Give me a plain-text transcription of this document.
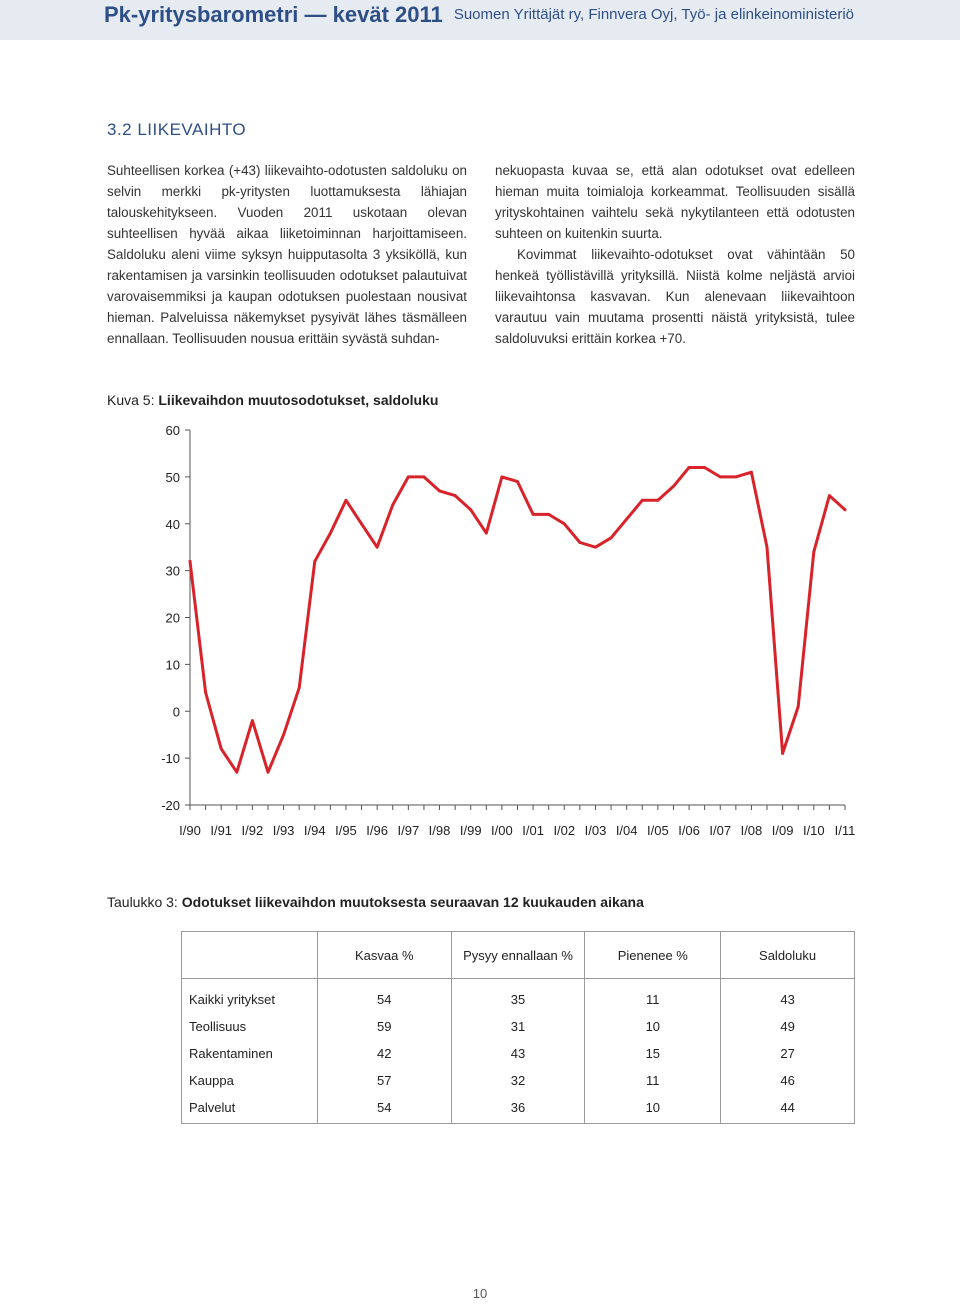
Pk-yritysbarometri — kevät 2011 Suomen Yrittäjät ry, Finnvera Oyj, Työ- ja elinkeinoministeriö
3.2 LIIKEVAIHTO

Suhteellisen korkea (+43) liikevaihto-odotusten saldoluku on selvin merkki pk-yritysten luottamuksesta lähiajan talouskehitykseen. Vuoden 2011 uskotaan olevan suhteellisen hyvää aikaa liiketoiminnan harjoittamiseen. Saldoluku aleni viime syksyn huipputasolta 3 yksiköllä, kun rakentamisen ja varsinkin teollisuuden odotukset palautuivat varovaisemmiksi ja kaupan odotuksen puolestaan nousivat hieman. Palveluissa näkemykset pysyivät lähes täsmälleen ennallaan. Teollisuuden nousua erittäin syvästä suhdan-

nekuopasta kuvaa se, että alan odotukset ovat edelleen hieman muita toimialoja korkeammat. Teollisuuden sisällä yrityskohtainen vaihtelu sekä nykytilanteen että odotusten suhteen on kuitenkin suurta.

Kovimmat liikevaihto-odotukset ovat vähintään 50 henkeä työllistävillä yrityksillä. Niistä kolme neljästä arvioi liikevaihtonsa kasvavan. Kun alenevaan liikevaihtoon varautuu vain muutama prosentti näistä yrityksistä, tulee saldoluvuksi erittäin korkea +70.

Kuva 5: Liikevaihdon muutosodotukset, saldoluku
60
50
40
30
20
10
0
-10
-20
I/90 I/91 I/92 I/93 I/94 I/95 I/96 I/97 I/98 I/99 I/00 I/01 I/02 I/03 I/04 I/05 I/06 I/07 I/08 I/09 I/10 I/11
Taulukko 3: Odotukset liikevaihdon muutoksesta seuraavan 12 kuukauden aikana
	Kasvaa %	Pysyy ennallaan %	Pienenee %	Saldoluku
Kaikki yritykset	54	35	11	43
Teollisuus	59	31	10	49
Rakentaminen	42	43	15	27
Kauppa	57	32	11	46
Palvelut	54	36	10	44
10
